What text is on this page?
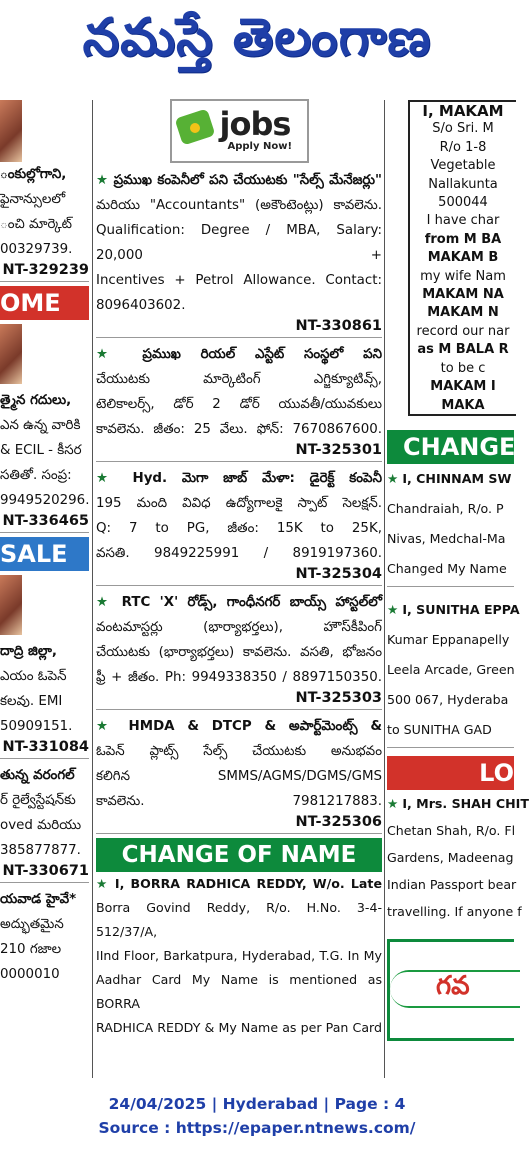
నమస్తే తెలంగాణ
ంకుల్లోగాని,
ఫైనాన్సులలో
ంచి మార్కెట్
00329739.
NT-329239
OME
త్మైన గదులు,
ఎన ఉన్న వారికి
& ECIL - కీసర
సతితో. సంప్ర:
9949520296.
NT-336465
SALE
దాద్రి జిల్లా,
ఎయం ఓపెన్
కలవు. EMI
50909151.
NT-331084
తున్న వరంగల్
ర్ రైల్వేస్టేషన్‌కు
oved మరియు
385877877.
NT-330671
యవాడ హైవే*
అద్భుతమైన
210 గజాల
0000010
jobs
Apply Now!
★ ప్రముఖ కంపెనీలో పని చేయుటకు "సేల్స్ మేనేజర్లు"
మరియు "Accountants" (అకౌంటెంట్లు) కావలెను.
Qualification: Degree / MBA, Salary: 20,000 +
Incentives + Petrol Allowance. Contact: 8096403602.
NT-330861
★ ప్రముఖ రియల్ ఎస్టేట్ సంస్థలో పని
చేయుటకు మార్కెటింగ్ ఎగ్జిక్యూటివ్స్,
టెలికాలర్స్, డోర్ 2 డోర్ యువతీ/యువకులు
కావలెను. జీతం: 25 వేలు. ఫోన్: 7670867600.
NT-325301
★ Hyd. మెగా జాబ్ మేళా: డైరెక్ట్ కంపెనీ
195 మంది వివిధ ఉద్యోగాలకై స్పాట్ సెలక్షన్.
Q: 7 to PG, జీతం: 15K to 25K,
వసతి. 9849225991 / 8919197360.
NT-325304
★ RTC 'X' రోడ్స్, గాంధీనగర్ బాయ్స్ హాస్టల్‌లో
వంటమాస్టర్లు (భార్యాభర్తలు), హౌస్‌కీపింగ్
చేయుటకు (భార్యాభర్తలు) కావలెను. వసతి, భోజనం
ఫ్రీ + జీతం. Ph: 9949338350 / 8897150350.
NT-325303
★ HMDA & DTCP & అపార్ట్‌మెంట్స్ &
ఓపెన్ ప్లాట్స్ సేల్స్ చేయుటకు అనుభవం
కలిగిన SMMS/AGMS/DGMS/GMS
కావలెను. 7981217883.
NT-325306
CHANGE OF NAME
★ I, BORRA RADHICA REDDY, W/o. Late
Borra Govind Reddy, R/o. H.No. 3-4-512/37/A,
IInd Floor, Barkatpura, Hyderabad, T.G. In My
Aadhar Card My Name is mentioned as BORRA
RADHICA REDDY & My Name as per Pan Card
I, MAKAM
S/o Sri. M
R/o 1-8
Vegetable
Nallakunta
500044
I have char
from M BA
MAKAM B
my wife Nam
MAKAM NA
MAKAM N
record our nar
as M BALA R
to be c
MAKAM I
MAKA
CHANGE
★ I, CHINNAM SW
Chandraiah, R/o. P
Nivas, Medchal-Ma
Changed My Name
★ I, SUNITHA EPPA
Kumar Eppanapelly
Leela Arcade, Green
500 067, Hyderaba
to SUNITHA GAD
LO
★ I, Mrs. SHAH CHIT
Chetan Shah, R/o. Fl
Gardens, Madeenag
Indian Passport bear
travelling. If anyone f
గవ
24/04/2025 | Hyderabad | Page : 4
Source : https://epaper.ntnews.com/
